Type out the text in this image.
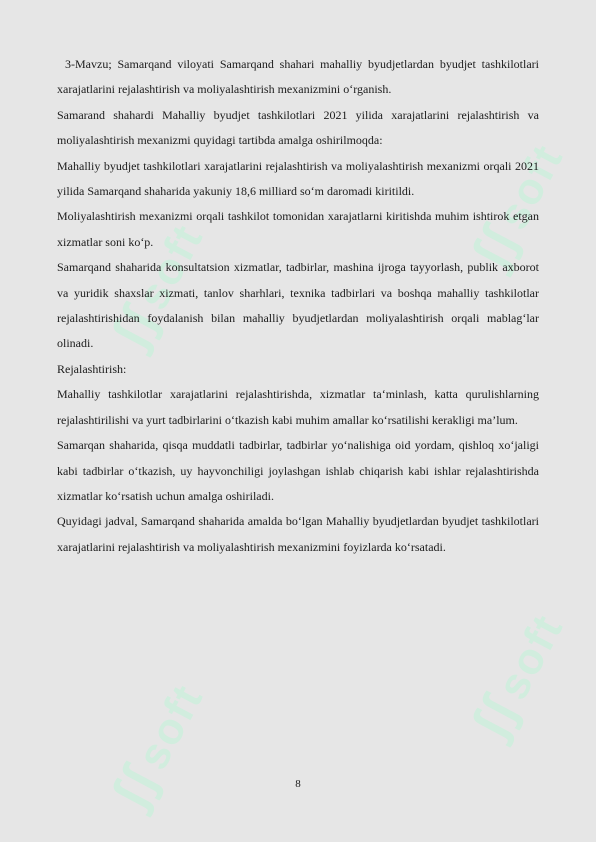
ʃʃsoft	ʃʃsoft
ʃʃsoft	ʃʃsoft

3-Mavzu; Samarqand viloyati Samarqand shahari mahalliy byudjetlardan byudjet tashkilotlari xarajatlarini rejalashtirish va moliyalashtirish mexanizmini o‘rganish.

Samarand shahardi Mahalliy byudjet tashkilotlari 2021 yilida xarajatlarini rejalashtirish va moliyalashtirish mexanizmi quyidagi tartibda amalga oshirilmoqda:

Mahalliy byudjet tashkilotlari xarajatlarini rejalashtirish va moliyalashtirish mexanizmi orqali 2021 yilida Samarqand shaharida yakuniy 18,6 milliard so‘m daromadi kiritildi.

Moliyalashtirish mexanizmi orqali tashkilot tomonidan xarajatlarni kiritishda muhim ishtirok etgan xizmatlar soni ko‘p.

Samarqand shaharida konsultatsion xizmatlar, tadbirlar, mashina ijroga tayyorlash, publik axborot va yuridik shaxslar xizmati, tanlov sharhlari, texnika tadbirlari va boshqa mahalliy tashkilotlar rejalashtirishidan foydalanish bilan mahalliy byudjetlardan moliyalashtirish orqali mablag‘lar olinadi.

Rejalashtirish:

Mahalliy tashkilotlar xarajatlarini rejalashtirishda, xizmatlar ta‘minlash, katta qurulishlarning rejalashtirilishi va yurt tadbirlarini o‘tkazish kabi muhim amallar ko‘rsatilishi kerakligi ma’lum.

Samarqan shaharida, qisqa muddatli tadbirlar, tadbirlar yo‘nalishiga oid yordam, qishloq xo‘jaligi kabi tadbirlar o‘tkazish, uy hayvonchiligi joylashgan ishlab chiqarish kabi ishlar rejalashtirishda xizmatlar ko‘rsatish uchun amalga oshiriladi.

Quyidagi jadval, Samarqand shaharida amalda bo‘lgan Mahalliy byudjetlardan byudjet tashkilotlari xarajatlarini rejalashtirish va moliyalashtirish mexanizmini foyizlarda ko‘rsatadi.

8
